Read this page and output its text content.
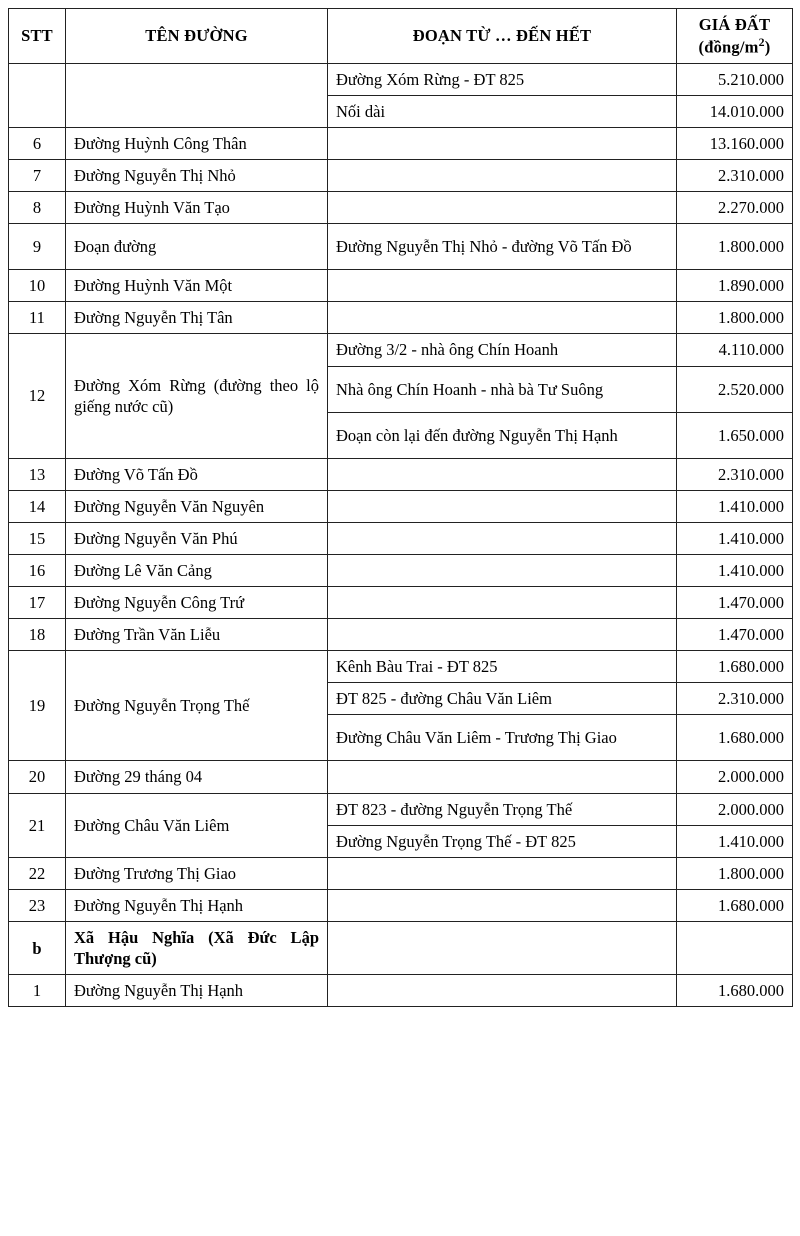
STT	TÊN ĐƯỜNG	ĐOẠN TỪ … ĐẾN HẾT	GIÁ ĐẤT
$(đồng/m^2)$

		Đường Xóm Rừng - ĐT 825	5.210.000
		Nối dài	14.010.000
6	Đường Huỳnh Công Thân		13.160.000
7	Đường Nguyễn Thị Nhỏ		2.310.000
8	Đường Huỳnh Văn Tạo		2.270.000
9	Đoạn đường	Đường Nguyễn Thị Nhỏ - đường Võ Tấn Đồ	1.800.000
10	Đường Huỳnh Văn Một		1.890.000
11	Đường Nguyễn Thị Tân		1.800.000
12	Đường Xóm Rừng (đường theo lộ giếng nước cũ)	Đường 3/2 - nhà ông Chín Hoanh	4.110.000
		Nhà ông Chín Hoanh - nhà bà Tư Suông	2.520.000
		Đoạn còn lại đến đường Nguyễn Thị Hạnh	1.650.000
13	Đường Võ Tấn Đồ		2.310.000
14	Đường Nguyễn Văn Nguyên		1.410.000
15	Đường Nguyễn Văn Phú		1.410.000
16	Đường Lê Văn Cảng		1.410.000
17	Đường Nguyễn Công Trứ		1.470.000
18	Đường Trần Văn Liễu		1.470.000
19	Đường Nguyễn Trọng Thế	Kênh Bàu Trai - ĐT 825	1.680.000
		ĐT 825 - đường Châu Văn Liêm	2.310.000
		Đường Châu Văn Liêm - Trương Thị Giao	1.680.000
20	Đường 29 tháng 04		2.000.000
21	Đường Châu Văn Liêm	ĐT 823 - đường Nguyễn Trọng Thế	2.000.000
		Đường Nguyễn Trọng Thế - ĐT 825	1.410.000
22	Đường Trương Thị Giao		1.800.000
23	Đường Nguyễn Thị Hạnh		1.680.000
b	Xã Hậu Nghĩa (Xã Đức Lập Thượng cũ)		
1	Đường Nguyễn Thị Hạnh		1.680.000
